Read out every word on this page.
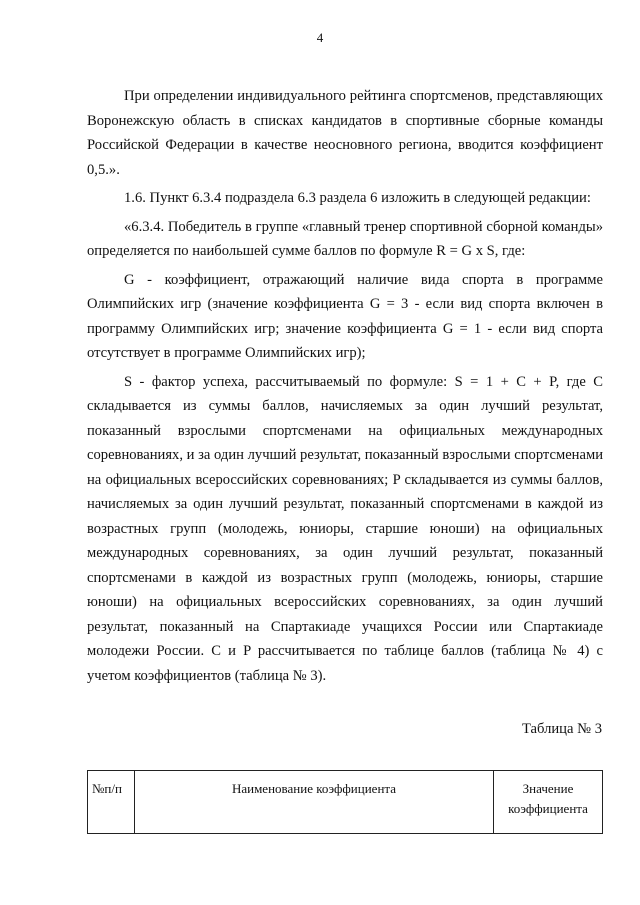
4

При определении индивидуального рейтинга спортсменов, представляющих Воронежскую область в списках кандидатов в спортивные сборные команды Российской Федерации в качестве неосновного региона, вводится коэффициент 0,5.».

1.6. Пункт 6.3.4 подраздела 6.3 раздела 6 изложить в следующей редакции:

«6.3.4. Победитель в группе «главный тренер спортивной сборной команды» определяется по наибольшей сумме баллов по формуле R = G x S, где:

G - коэффициент, отражающий наличие вида спорта в программе Олимпийских игр (значение коэффициента G = 3 - если вид спорта включен в программу Олимпийских игр; значение коэффициента G = 1 - если вид спорта отсутствует в программе Олимпийских игр);

S - фактор успеха, рассчитываемый по формуле: S = 1 + C + P, где C складывается из суммы баллов, начисляемых за один лучший результат, показанный взрослыми спортсменами на официальных международных соревнованиях, и за один лучший результат, показанный взрослыми спортсменами на официальных всероссийских соревнованиях; P складывается из суммы баллов, начисляемых за один лучший результат, показанный спортсменами в каждой из возрастных групп (молодежь, юниоры, старшие юноши) на официальных международных соревнованиях, за один лучший результат, показанный спортсменами в каждой из возрастных групп (молодежь, юниоры, старшие юноши) на официальных всероссийских соревнованиях, за один лучший результат, показанный на Спартакиаде учащихся России или Спартакиаде молодежи России. C и P рассчитывается по таблице баллов (таблица № 4) с учетом коэффициентов (таблица № 3).

Таблица № 3
№п/п	Наименование коэффициента	Значение коэффициента
